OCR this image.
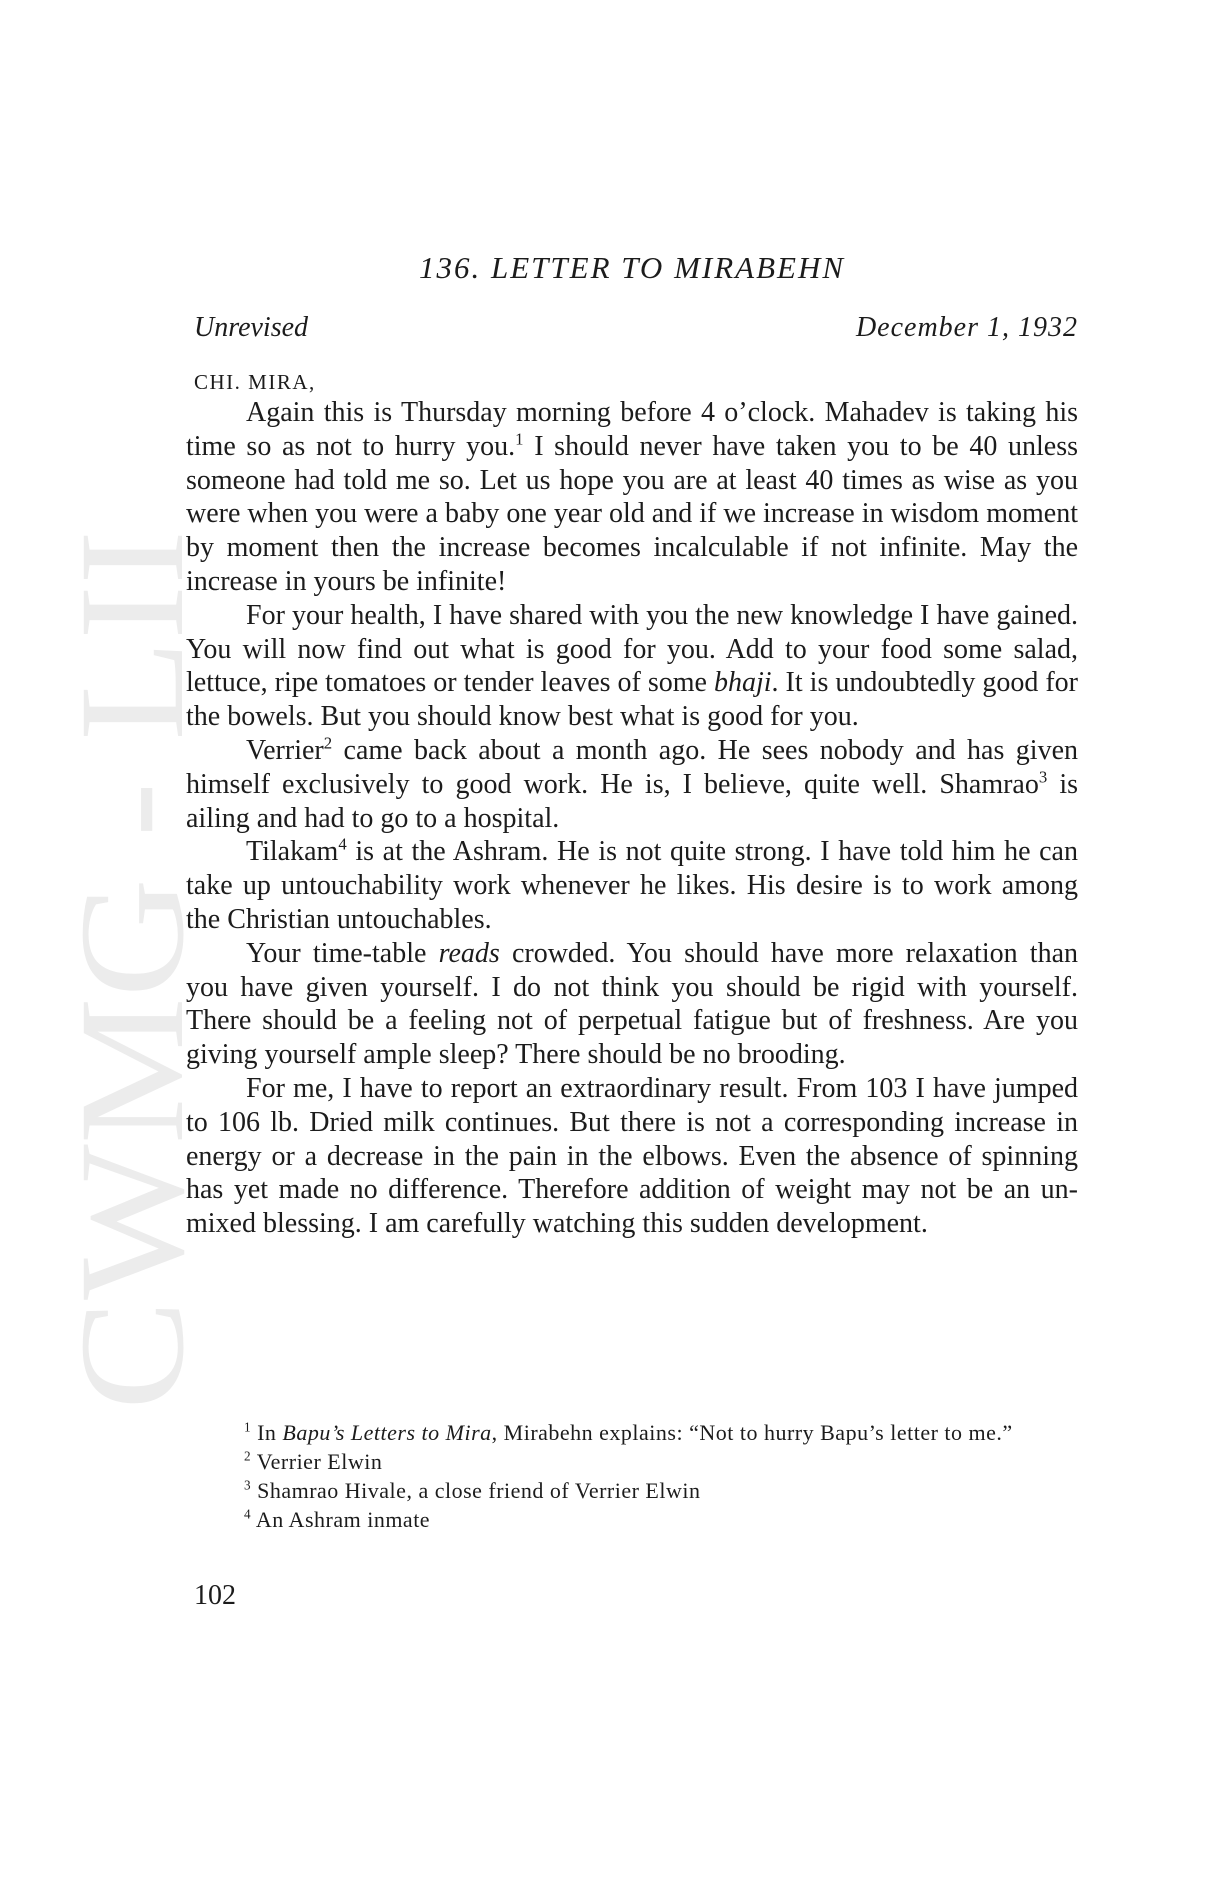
CWMG - LII
136. LETTER TO MIRABEHN
Unrevised	December 1, 1932
CHI. MIRA,

Again this is Thursday morning before 4 o’clock. Mahadev is taking his time so as not to hurry you.$^1$ I should never have taken you to be 40 unless someone had told me so. Let us hope you are at least 40 times as wise as you were when you were a baby one year old and if we increase in wisdom moment by moment then the increase becomes incalculable if not infinite. May the increase in yours be infinite!

For your health, I have shared with you the new knowledge I have gained. You will now find out what is good for you. Add to your food some salad, lettuce, ripe tomatoes or tender leaves of some bhaji. It is undoubtedly good for the bowels. But you should know best what is good for you.

Verrier$^2$ came back about a month ago. He sees nobody and has given himself exclusively to good work. He is, I believe, quite well. Shamrao$^3$ is ailing and had to go to a hospital.

Tilakam$^4$ is at the Ashram. He is not quite strong. I have told him he can take up untouchability work whenever he likes. His desire is to work among the Christian untouchables.

Your time-table reads crowded. You should have more relaxation than you have given yourself. I do not think you should be rigid with yourself. There should be a feeling not of perpetual fatigue but of freshness. Are you giving yourself ample sleep? There should be no brooding.

For me, I have to report an extraordinary result. From 103 I have jumped to 106 lb. Dried milk continues. But there is not a corresponding increase in energy or a decrease in the pain in the elbows. Even the absence of spinning has yet made no difference. Therefore addition of weight may not be an unmixed blessing. I am carefully watching this sudden development.

$^1$ In Bapu’s Letters to Mira, Mirabehn explains: “Not to hurry Bapu’s letter to me.”

$^2$ Verrier Elwin

$^3$ Shamrao Hivale, a close friend of Verrier Elwin

$^4$ An Ashram inmate

102
